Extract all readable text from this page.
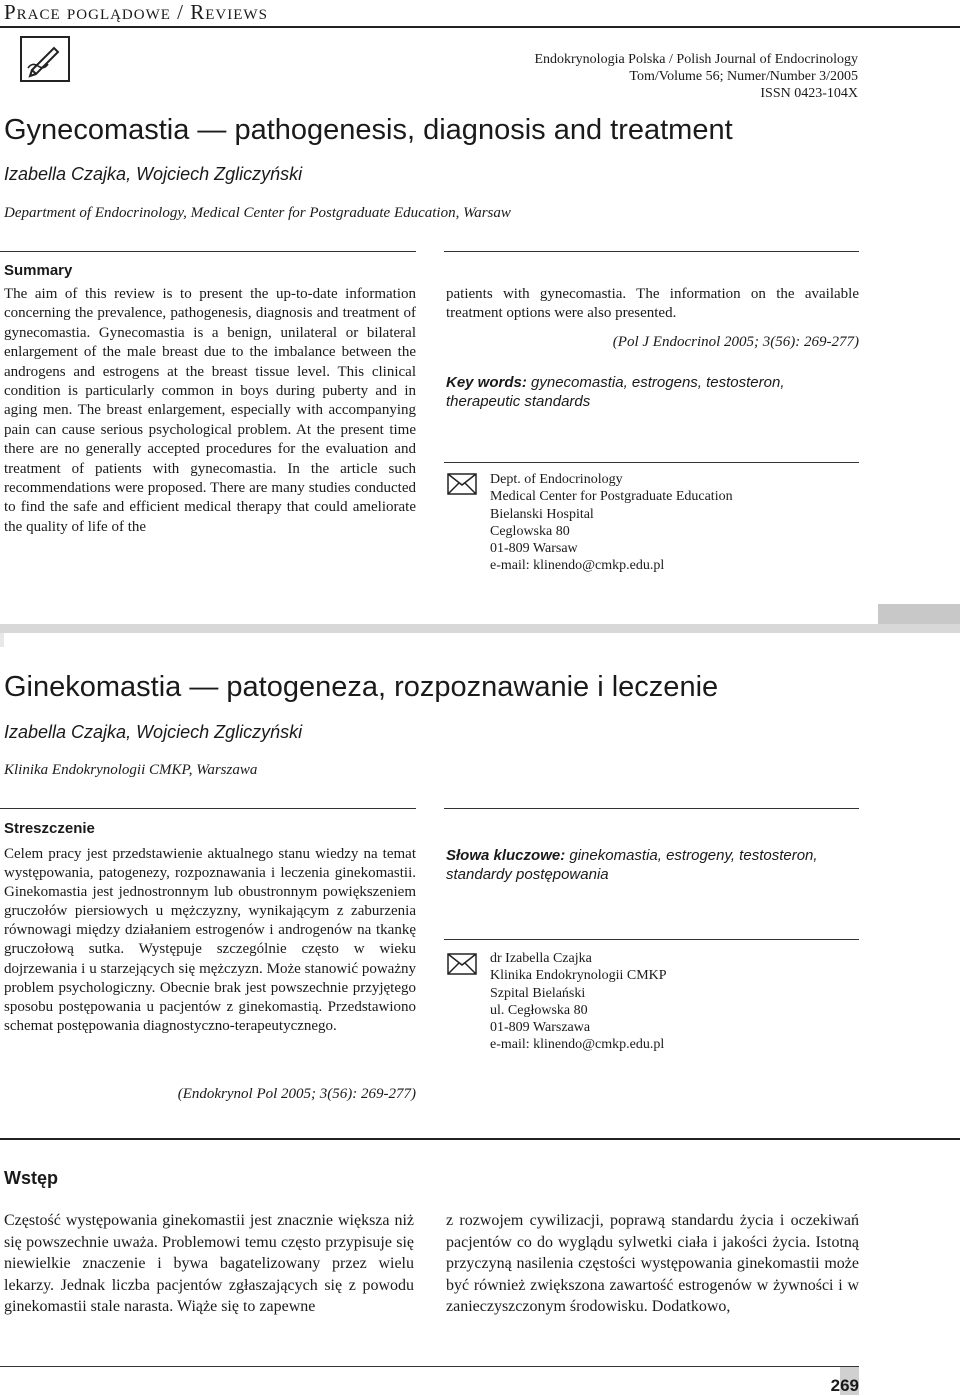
Prace poglądowe / Reviews
Endokrynologia Polska / Polish Journal of Endocrinology
Tom/Volume 56; Numer/Number 3/2005
ISSN 0423-104X
Gynecomastia — pathogenesis, diagnosis and treatment
Izabella Czajka, Wojciech Zgliczyński
Department of Endocrinology, Medical Center for Postgraduate Education, Warsaw
Summary
The aim of this review is to present the up-to-date information concerning the prevalence, pathogenesis, diagnosis and treatment of gynecomastia. Gynecomastia is a benign, unilateral or bilateral enlargement of the male breast due to the imbalance between the androgens and estrogens at the breast tissue level. This clinical condition is particularly common in boys during puberty and in aging men. The breast enlargement, especially with accompanying pain can cause serious psychological problem. At the present time there are no generally accepted procedures for the evaluation and treatment of patients with gynecomastia. In the article such recommendations were proposed. There are many studies conducted to find the safe and efficient medical therapy that could ameliorate the quality of life of the
patients with gynecomastia. The information on the available treatment options were also presented.
(Pol J Endocrinol 2005; 3(56): 269-277)
Key words: gynecomastia, estrogens, testosteron, therapeutic standards
Dept. of Endocrinology
Medical Center for Postgraduate Education
Bielanski Hospital
Ceglowska 80
01-809 Warsaw
e-mail: klinendo@cmkp.edu.pl
Ginekomastia — patogeneza, rozpoznawanie i leczenie
Izabella Czajka, Wojciech Zgliczyński
Klinika Endokrynologii CMKP, Warszawa
Streszczenie
Celem pracy jest przedstawienie aktualnego stanu wiedzy na temat występowania, patogenezy, rozpoznawania i leczenia ginekomastii. Ginekomastia jest jednostronnym lub obustronnym powiększeniem gruczołów piersiowych u mężczyzny, wynikającym z zaburzenia równowagi między działaniem estrogenów i androgenów na tkankę gruczołową sutka. Występuje szczególnie często w wieku dojrzewania i u starzejących się mężczyzn. Może stanowić poważny problem psychologiczny. Obecnie brak jest powszechnie przyjętego sposobu postępowania u pacjentów z ginekomastią. Przedstawiono schemat postępowania diagnostyczno-terapeutycznego.
(Endokrynol Pol 2005; 3(56): 269-277)
Słowa kluczowe: ginekomastia, estrogeny, testosteron, standardy postępowania
dr Izabella Czajka
Klinika Endokrynologii CMKP
Szpital Bielański
ul. Cegłowska 80
01-809 Warszawa
e-mail: klinendo@cmkp.edu.pl
Wstęp
Częstość występowania ginekomastii jest znacznie większa niż się powszechnie uważa. Problemowi temu często przypisuje się niewielkie znaczenie i bywa bagatelizowany przez wielu lekarzy. Jednak liczba pacjentów zgłaszających się z powodu ginekomastii stale narasta. Wiąże się to zapewne
z rozwojem cywilizacji, poprawą standardu życia i oczekiwań pacjentów co do wyglądu sylwetki ciała i jakości życia. Istotną przyczyną nasilenia częstości występowania ginekomastii może być również zwiększona zawartość estrogenów w żywności i w zanieczyszczonym środowisku. Dodatkowo,
269
